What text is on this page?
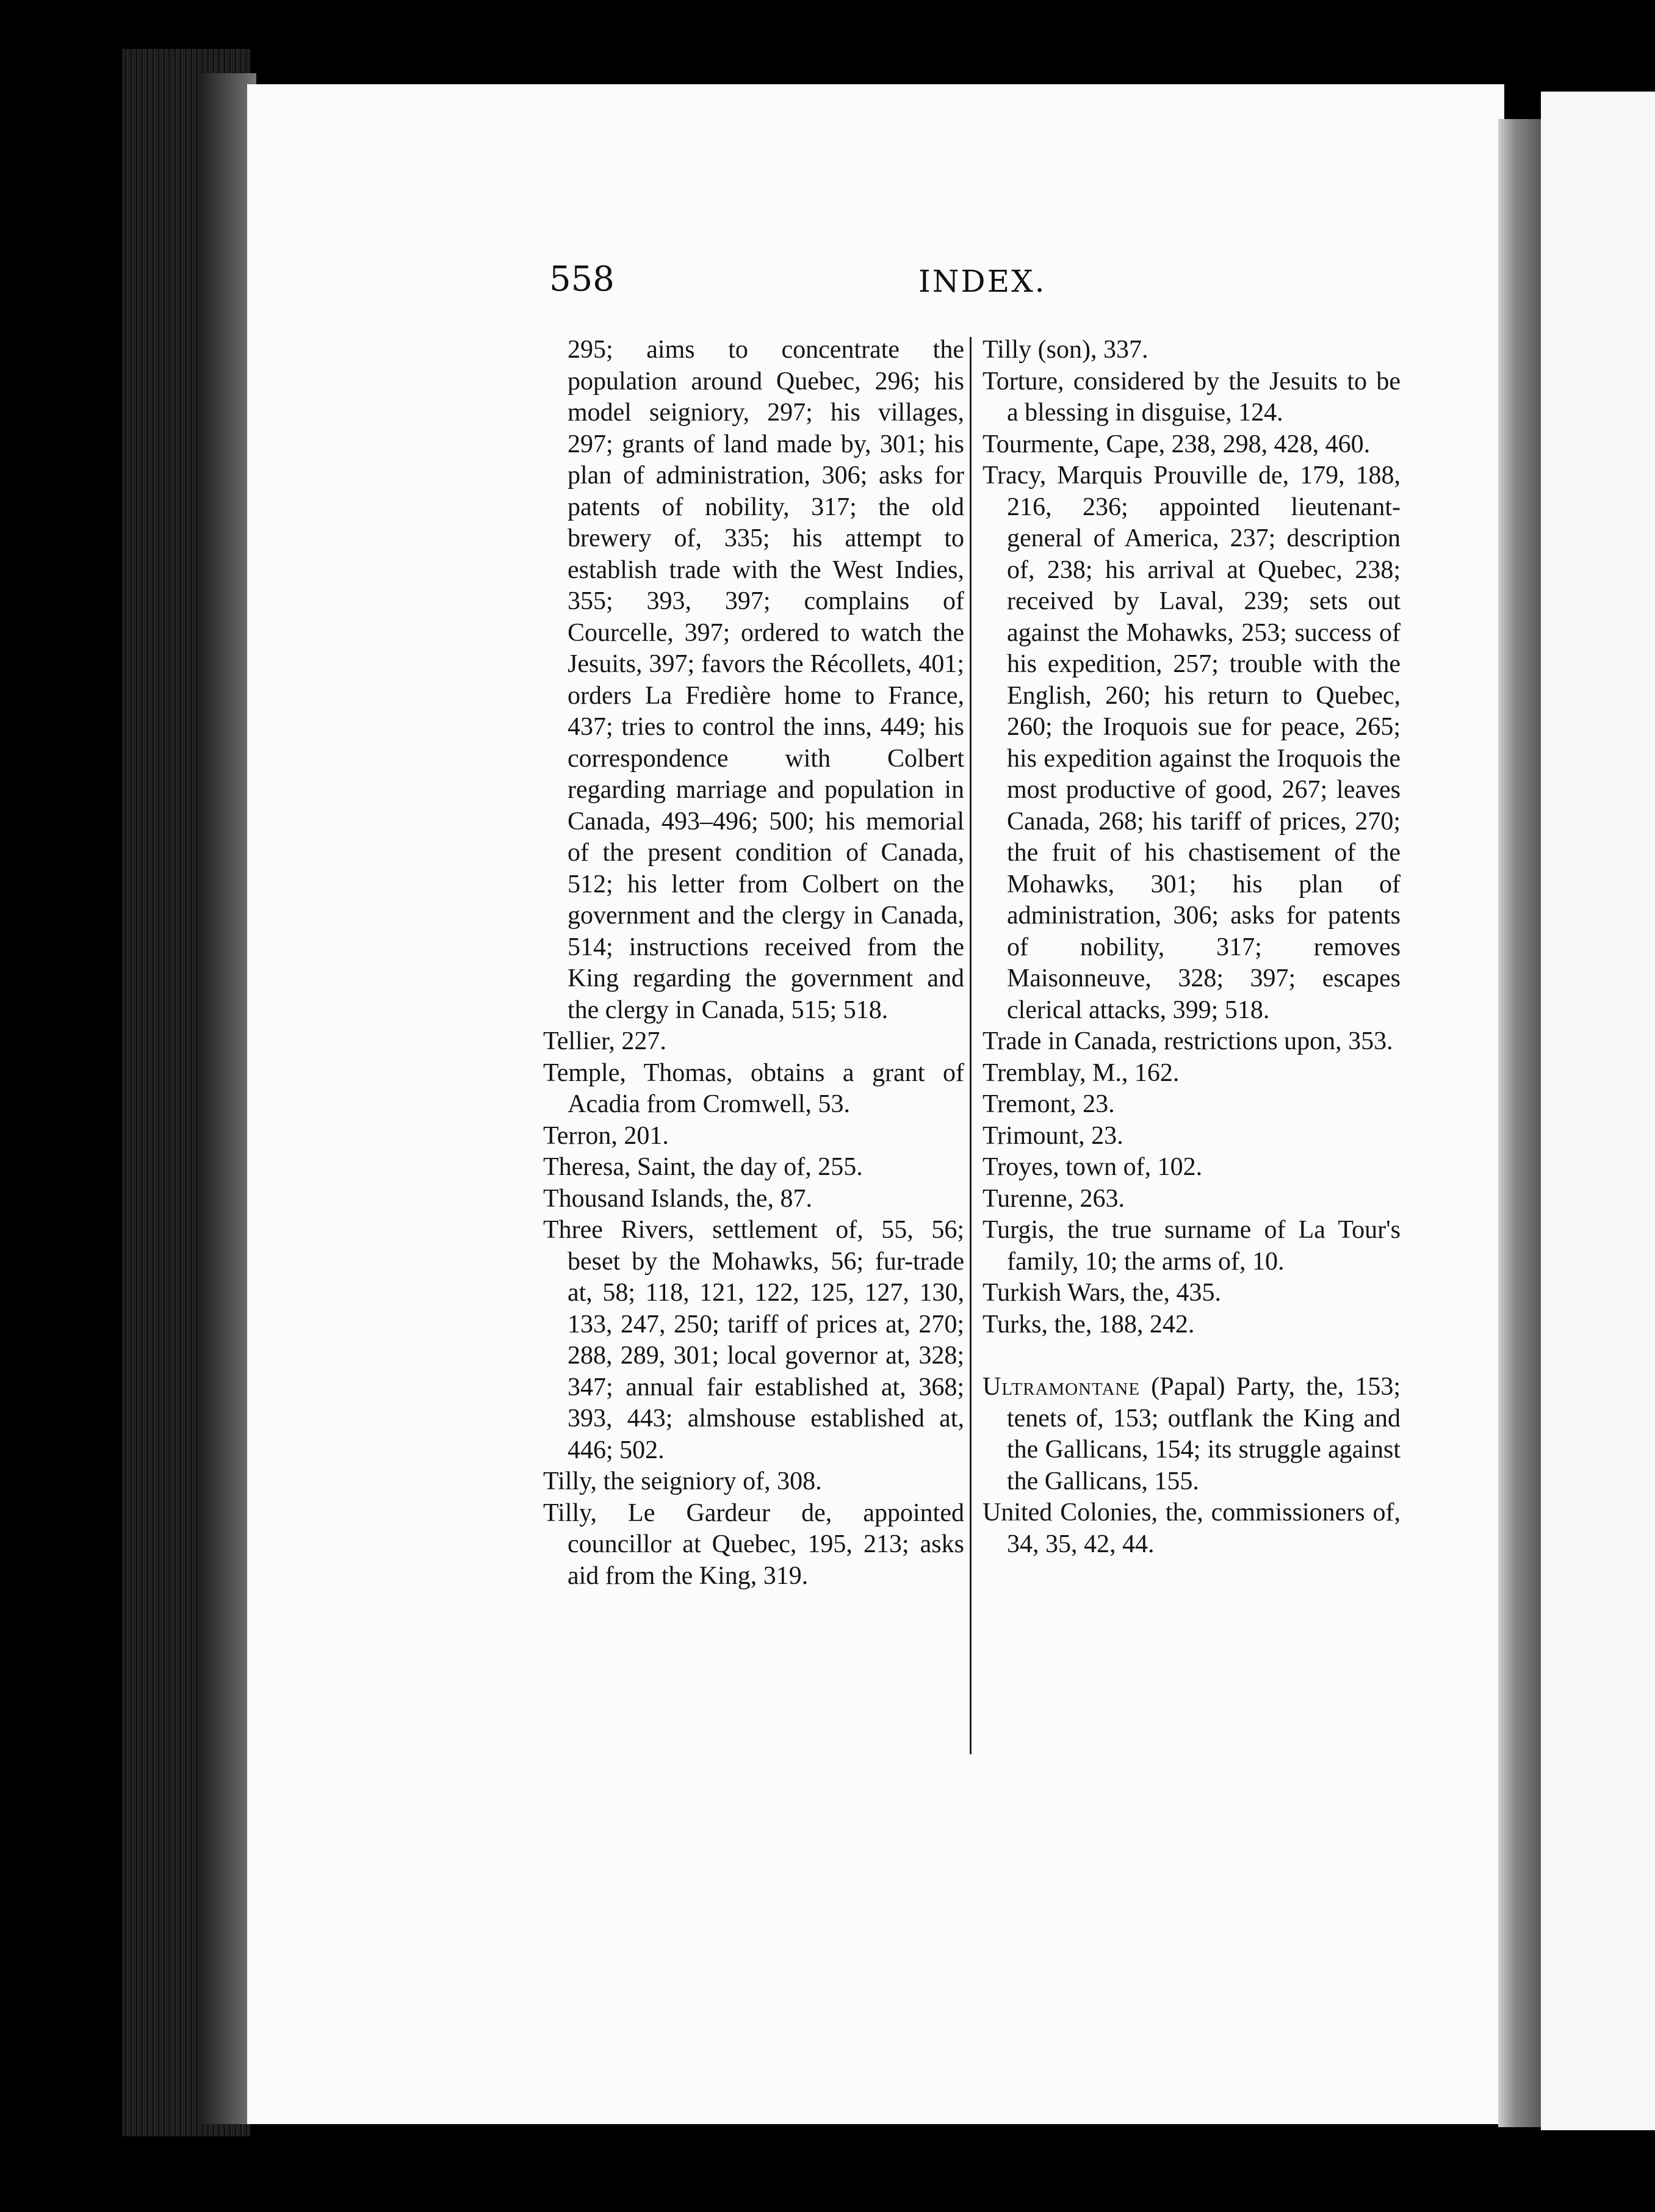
558	INDEX.

295; aims to concentrate the population around Quebec, 296; his model seigniory, 297; his villages, 297; grants of land made by, 301; his plan of administration, 306; asks for patents of nobility, 317; the old brewery of, 335; his attempt to establish trade with the West Indies, 355; 393, 397; complains of Courcelle, 397; ordered to watch the Jesuits, 397; favors the Récollets, 401; orders La Fredière home to France, 437; tries to control the inns, 449; his correspondence with Colbert regarding marriage and population in Canada, 493–496; 500; his memorial of the present condition of Canada, 512; his letter from Colbert on the government and the clergy in Canada, 514; instructions received from the King regarding the government and the clergy in Canada, 515; 518.

Tellier, 227.

Temple, Thomas, obtains a grant of Acadia from Cromwell, 53.

Terron, 201.

Theresa, Saint, the day of, 255.

Thousand Islands, the, 87.

Three Rivers, settlement of, 55, 56; beset by the Mohawks, 56; fur-trade at, 58; 118, 121, 122, 125, 127, 130, 133, 247, 250; tariff of prices at, 270; 288, 289, 301; local governor at, 328; 347; annual fair established at, 368; 393, 443; almshouse established at, 446; 502.

Tilly, the seigniory of, 308.

Tilly, Le Gardeur de, appointed councillor at Quebec, 195, 213; asks aid from the King, 319.

Tilly (son), 337.

Torture, considered by the Jesuits to be a blessing in disguise, 124.

Tourmente, Cape, 238, 298, 428, 460.

Tracy, Marquis Prouville de, 179, 188, 216, 236; appointed lieutenant-general of America, 237; description of, 238; his arrival at Quebec, 238; received by Laval, 239; sets out against the Mohawks, 253; success of his expedition, 257; trouble with the English, 260; his return to Quebec, 260; the Iroquois sue for peace, 265; his expedition against the Iroquois the most productive of good, 267; leaves Canada, 268; his tariff of prices, 270; the fruit of his chastisement of the Mohawks, 301; his plan of administration, 306; asks for patents of nobility, 317; removes Maisonneuve, 328; 397; escapes clerical attacks, 399; 518.

Trade in Canada, restrictions upon, 353.

Tremblay, M., 162.

Tremont, 23.

Trimount, 23.

Troyes, town of, 102.

Turenne, 263.

Turgis, the true surname of La Tour's family, 10; the arms of, 10.

Turkish Wars, the, 435.

Turks, the, 188, 242.

Ultramontane (Papal) Party, the, 153; tenets of, 153; outflank the King and the Gallicans, 154; its struggle against the Gallicans, 155.

United Colonies, the, commissioners of, 34, 35, 42, 44.
